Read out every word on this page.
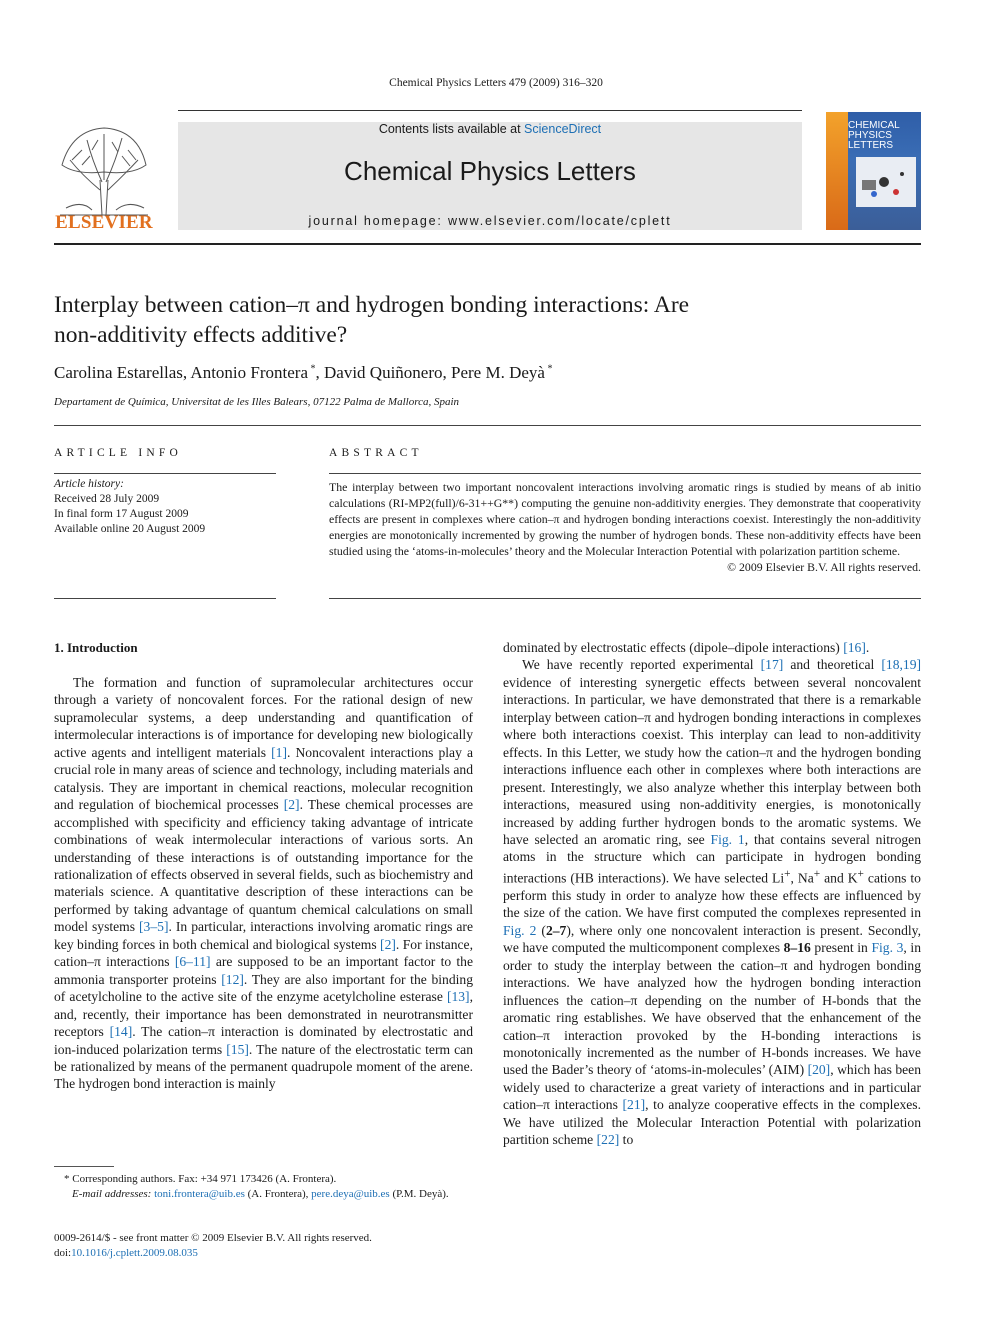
Chemical Physics Letters 479 (2009) 316–320
ELSEVIER
Contents lists available at ScienceDirect
Chemical Physics Letters
journal homepage: www.elsevier.com/locate/cplett
CHEMICAL
PHYSICS
LETTERS
Interplay between cation–π and hydrogen bonding interactions: Are
non-additivity effects additive?
Carolina Estarellas, Antonio Frontera *, David Quiñonero, Pere M. Deyà *
Departament de Química, Universitat de les Illes Balears, 07122 Palma de Mallorca, Spain
ARTICLE INFO
Article history:
Received 28 July 2009
In final form 17 August 2009
Available online 20 August 2009
ABSTRACT
The interplay between two important noncovalent interactions involving aromatic rings is studied by means of ab initio calculations (RI-MP2(full)/6-31++G**) computing the genuine non-additivity energies. They demonstrate that cooperativity effects are present in complexes where cation–π and hydrogen bonding interactions coexist. Interestingly the non-additivity energies are monotonically incremented by growing the number of hydrogen bonds. These non-additivity effects have been studied using the ‘atoms-in-molecules’ theory and the Molecular Interaction Potential with polarization partition scheme.
© 2009 Elsevier B.V. All rights reserved.
1. Introduction

The formation and function of supramolecular architectures occur through a variety of noncovalent forces. For the rational design of new supramolecular systems, a deep understanding and quantification of intermolecular interactions is of importance for developing new biologically active agents and intelligent materials [1]. Noncovalent interactions play a crucial role in many areas of science and technology, including materials and catalysis. They are important in chemical reactions, molecular recognition and regulation of biochemical processes [2]. These chemical processes are accomplished with specificity and efficiency taking advantage of intricate combinations of weak intermolecular interactions of various sorts. An understanding of these interactions is of outstanding importance for the rationalization of effects observed in several fields, such as biochemistry and materials science. A quantitative description of these interactions can be performed by taking advantage of quantum chemical calculations on small model systems [3–5]. In particular, interactions involving aromatic rings are key binding forces in both chemical and biological systems [2]. For instance, cation–π interactions [6–11] are supposed to be an important factor to the ammonia transporter proteins [12]. They are also important for the binding of acetylcholine to the active site of the enzyme acetylcholine esterase [13], and, recently, their importance has been demonstrated in neurotransmitter receptors [14]. The cation–π interaction is dominated by electrostatic and ion-induced polarization terms [15]. The nature of the electrostatic term can be rationalized by means of the permanent quadrupole moment of the arene. The hydrogen bond interaction is mainly

dominated by electrostatic effects (dipole–dipole interactions) [16].

We have recently reported experimental [17] and theoretical [18,19] evidence of interesting synergetic effects between several noncovalent interactions. In particular, we have demonstrated that there is a remarkable interplay between cation–π and hydrogen bonding interactions in complexes where both interactions coexist. This interplay can lead to non-additivity effects. In this Letter, we study how the cation–π and the hydrogen bonding interactions influence each other in complexes where both interactions are present. Interestingly, we also analyze whether this interplay between both interactions, measured using non-additivity energies, is monotonically increased by adding further hydrogen bonds to the aromatic systems. We have selected an aromatic ring, see Fig. 1, that contains several nitrogen atoms in the structure which can participate in hydrogen bonding interactions (HB interactions). We have selected Li+, Na+ and K+ cations to perform this study in order to analyze how these effects are influenced by the size of the cation. We have first computed the complexes represented in Fig. 2 (2–7), where only one noncovalent interaction is present. Secondly, we have computed the multicomponent complexes 8–16 present in Fig. 3, in order to study the interplay between the cation–π and hydrogen bonding interactions. We have analyzed how the hydrogen bonding interaction influences the cation–π depending on the number of H-bonds that the aromatic ring establishes. We have observed that the enhancement of the cation–π interaction provoked by the H-bonding interactions is monotonically incremented as the number of H-bonds increases. We have used the Bader’s theory of ‘atoms-in-molecules’ (AIM) [20], which has been widely used to characterize a great variety of interactions and in particular cation–π interactions [21], to analyze cooperative effects in the complexes. We have utilized the Molecular Interaction Potential with polarization partition scheme [22] to

* Corresponding authors. Fax: +34 971 173426 (A. Frontera).
E-mail addresses: toni.frontera@uib.es (A. Frontera), pere.deya@uib.es (P.M. Deyà).
0009-2614/$ - see front matter © 2009 Elsevier B.V. All rights reserved.
doi:10.1016/j.cplett.2009.08.035
